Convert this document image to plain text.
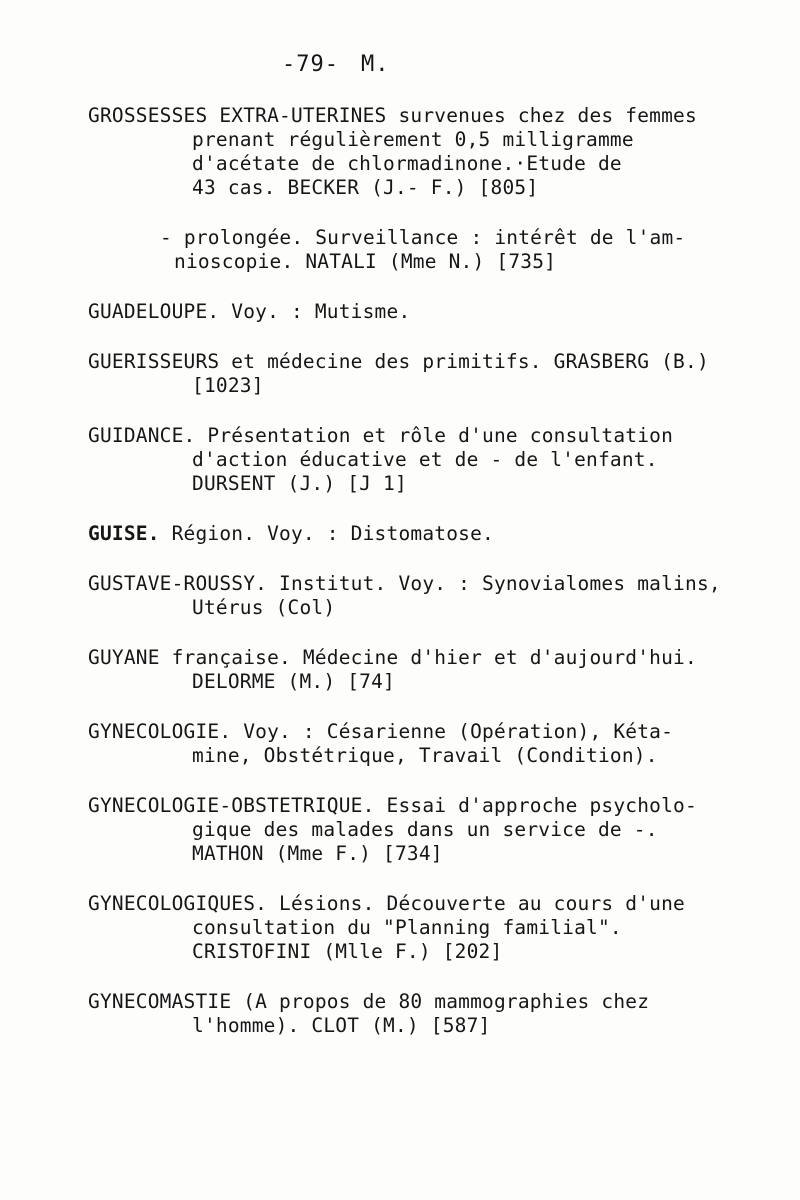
-79- M.
GROSSESSES EXTRA-UTERINES survenues chez des femmes
prenant régulièrement 0,5 milligramme
d'acétate de chlormadinone.·Etude de
43 cas. BECKER (J.- F.) [805]
- prolongée. Surveillance : intérêt de l'am-
nioscopie. NATALI (Mme N.) [735]
GUADELOUPE. Voy. : Mutisme.
GUERISSEURS et médecine des primitifs. GRASBERG (B.)
[1023]
GUIDANCE. Présentation et rôle d'une consultation
d'action éducative et de - de l'enfant.
DURSENT (J.) [J 1]
GUISE. Région. Voy. : Distomatose.
GUSTAVE-ROUSSY. Institut. Voy. : Synovialomes malins,
Utérus (Col)
GUYANE française. Médecine d'hier et d'aujourd'hui.
DELORME (M.) [74]
GYNECOLOGIE. Voy. : Césarienne (Opération), Kéta-
mine, Obstétrique, Travail (Condition).
GYNECOLOGIE-OBSTETRIQUE. Essai d'approche psycholo-
gique des malades dans un service de -.
MATHON (Mme F.) [734]
GYNECOLOGIQUES. Lésions. Découverte au cours d'une
consultation du "Planning familial".
CRISTOFINI (Mlle F.) [202]
GYNECOMASTIE (A propos de 80 mammographies chez
l'homme). CLOT (M.) [587]
